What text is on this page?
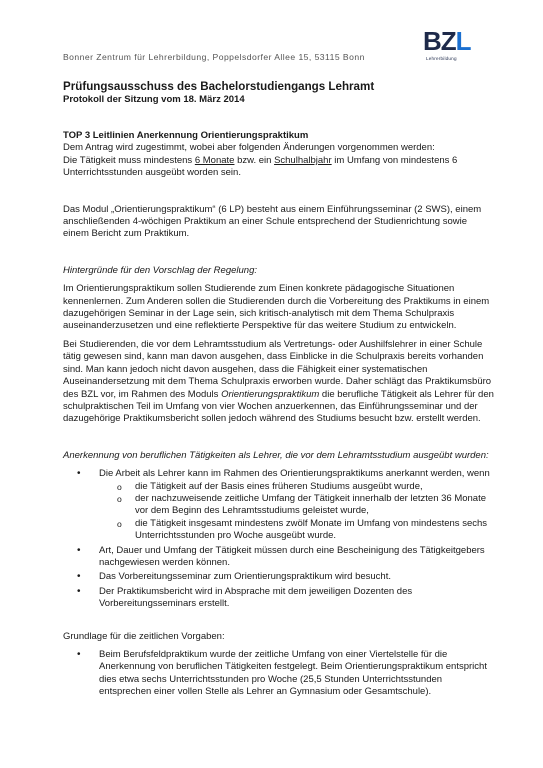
Bonner Zentrum für Lehrerbildung, Poppelsdorfer Allee 15, 53115 Bonn
BZL
Lehrerbildung

Prüfungsausschuss des Bachelorstudiengangs Lehramt

Protokoll der Sitzung vom 18. März 2014

TOP 3 Leitlinien Anerkennung Orientierungspraktikum

Dem Antrag wird zugestimmt, wobei aber folgenden Änderungen vorgenommen werden:

Die Tätigkeit muss mindestens 6 Monate bzw. ein Schulhalbjahr im Umfang von mindestens 6 Unterrichtsstunden ausgeübt worden sein.

Das Modul „Orientierungspraktikum“ (6 LP) besteht aus einem Einführungsseminar (2 SWS), einem anschließenden 4-wöchigen Praktikum an einer Schule entsprechend der Studienrichtung sowie einem Bericht zum Praktikum.

Hintergründe für den Vorschlag der Regelung:

Im Orientierungspraktikum sollen Studierende zum Einen konkrete pädagogische Situationen kennenlernen. Zum Anderen sollen die Studierenden durch die Vorbereitung des Praktikums in einem dazugehörigen Seminar in der Lage sein, sich kritisch-analytisch mit dem Thema Schulpraxis auseinanderzusetzen und eine reflektierte Perspektive für das weitere Studium zu entwickeln.

Bei Studierenden, die vor dem Lehramtsstudium als Vertretungs- oder Aushilfslehrer in einer Schule tätig gewesen sind, kann man davon ausgehen, dass Einblicke in die Schulpraxis bereits vorhanden sind. Man kann jedoch nicht davon ausgehen, dass die Fähigkeit einer systematischen Auseinandersetzung mit dem Thema Schulpraxis erworben wurde. Daher schlägt das Praktikumsbüro des BZL vor, im Rahmen des Moduls Orientierungspraktikum die berufliche Tätigkeit als Lehrer für den schulpraktischen Teil im Umfang von vier Wochen anzuerkennen, das Einführungsseminar und der dazugehörige Praktikumsbericht sollen jedoch während des Studiums besucht bzw. erstellt werden.

Anerkennung von beruflichen Tätigkeiten als Lehrer, die vor dem Lehramtsstudium ausgeübt wurden:

• Die Arbeit als Lehrer kann im Rahmen des Orientierungspraktikums anerkannt werden, wenn
o die Tätigkeit auf der Basis eines früheren Studiums ausgeübt wurde,
o der nachzuweisende zeitliche Umfang der Tätigkeit innerhalb der letzten 36 Monate vor dem Beginn des Lehramtsstudiums geleistet wurde,
o die Tätigkeit insgesamt mindestens zwölf Monate im Umfang von mindestens sechs Unterrichtsstunden pro Woche ausgeübt wurde.
• Art, Dauer und Umfang der Tätigkeit müssen durch eine Bescheinigung des Tätigkeitgebers nachgewiesen werden können.
• Das Vorbereitungsseminar zum Orientierungspraktikum wird besucht.
• Der Praktikumsbericht wird in Absprache mit dem jeweiligen Dozenten des Vorbereitungsseminars erstellt.

Grundlage für die zeitlichen Vorgaben:

• Beim Berufsfeldpraktikum wurde der zeitliche Umfang von einer Viertelstelle für die Anerkennung von beruflichen Tätigkeiten festgelegt. Beim Orientierungspraktikum entspricht dies etwa sechs Unterrichtsstunden pro Woche (25,5 Stunden Unterrichtsstunden entsprechen einer vollen Stelle als Lehrer an Gymnasium oder Gesamtschule).
